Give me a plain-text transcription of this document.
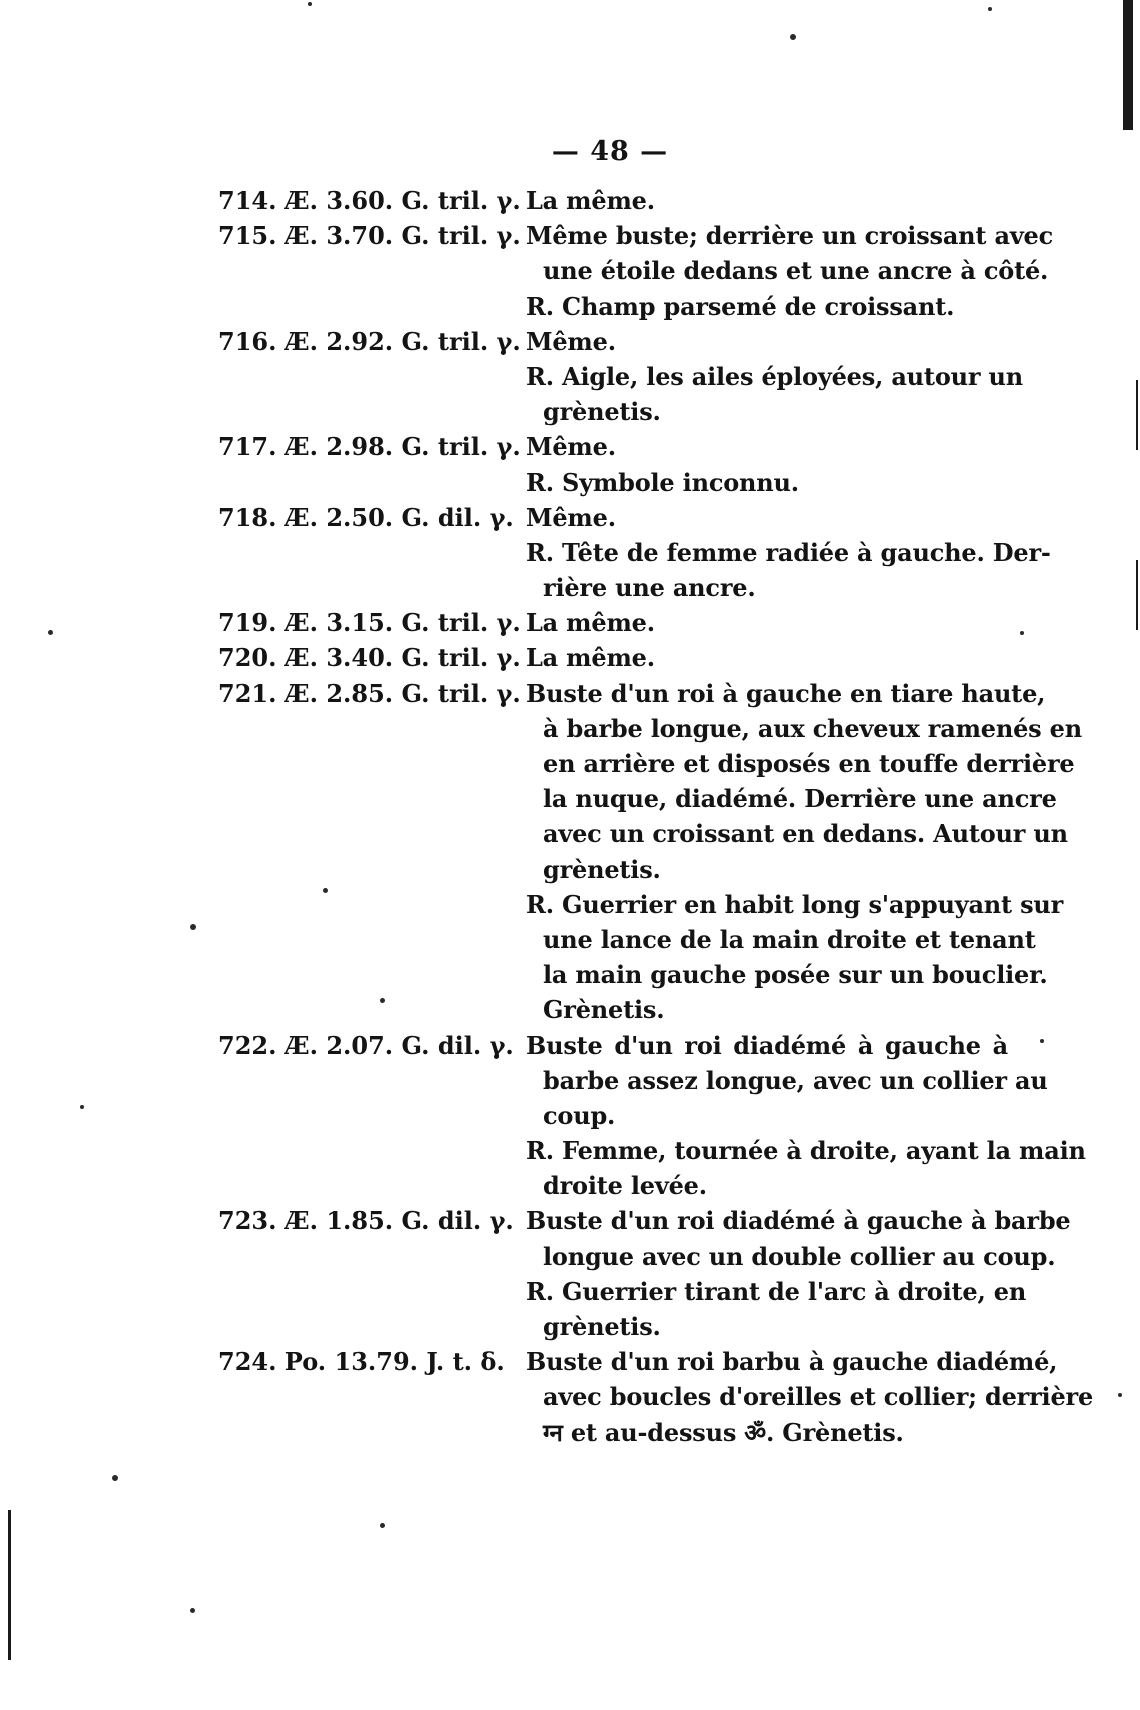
— 48 —
714. Æ. 3.60. G. tril. γ. La même.
715. Æ. 3.70. G. tril. γ. Même buste; derrière un croissant avec
une étoile dedans et une ancre à côté.
R. Champ parsemé de croissant.
716. Æ. 2.92. G. tril. γ. Même.
R. Aigle, les ailes éployées, autour un
grènetis.
717. Æ. 2.98. G. tril. γ. Même.
R. Symbole inconnu.
718. Æ. 2.50. G. dil. γ. Même.
R. Tête de femme radiée à gauche. Der-
rière une ancre.
719. Æ. 3.15. G. tril. γ. La même.
720. Æ. 3.40. G. tril. γ. La même.
721. Æ. 2.85. G. tril. γ. Buste d'un roi à gauche en tiare haute,
à barbe longue, aux cheveux ramenés en
en arrière et disposés en touffe derrière
la nuque, diadémé. Derrière une ancre
avec un croissant en dedans. Autour un
grènetis.
R. Guerrier en habit long s'appuyant sur
une lance de la main droite et tenant
la main gauche posée sur un bouclier.
Grènetis.
722. Æ. 2.07. G. dil. γ. Buste d'un roi diadémé à gauche à
barbe assez longue, avec un collier au
coup.
R. Femme, tournée à droite, ayant la main
droite levée.
723. Æ. 1.85. G. dil. γ. Buste d'un roi diadémé à gauche à barbe
longue avec un double collier au coup.
R. Guerrier tirant de l'arc à droite, en
grènetis.
724. Po. 13.79. J. t. δ. Buste d'un roi barbu à gauche diadémé,
avec boucles d'oreilles et collier; derrière
ग्न et au-dessus ॐ. Grènetis.
